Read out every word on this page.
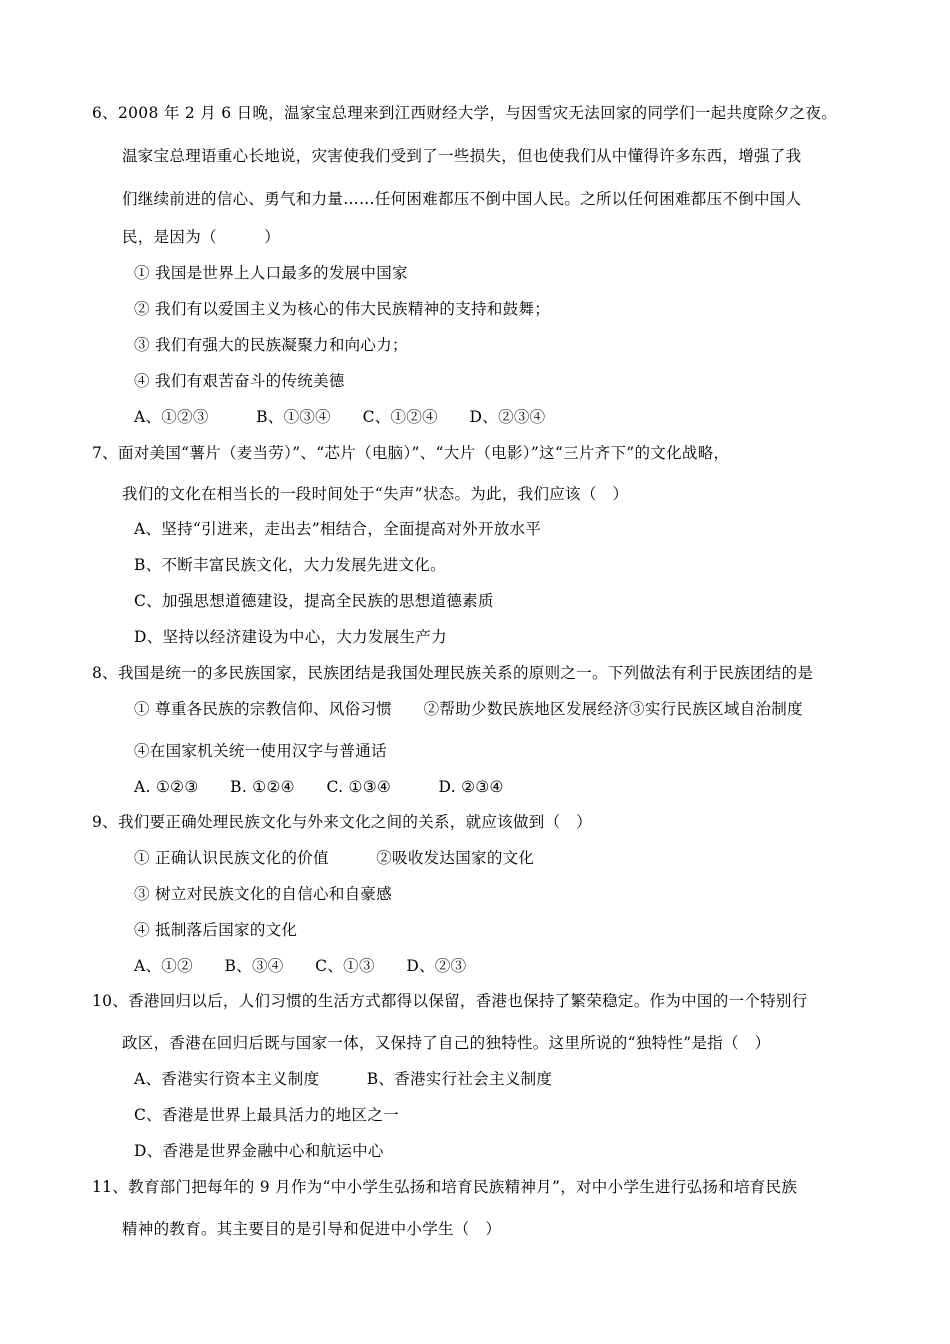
6、2008 年 2 月 6 日晚，温家宝总理来到江西财经大学，与因雪灾无法回家的同学们一起共度除夕之夜。
温家宝总理语重心长地说，灾害使我们受到了一些损失，但也使我们从中懂得许多东西，增强了我
们继续前进的信心、勇气和力量……任何困难都压不倒中国人民。之所以任何困难都压不倒中国人
民，是因为（　　　）
① 我国是世界上人口最多的发展中国家
② 我们有以爱国主义为核心的伟大民族精神的支持和鼓舞；
③ 我们有强大的民族凝聚力和向心力；
④ 我们有艰苦奋斗的传统美德
A、①②③　　　B、①③④　　C、①②④　　D、②③④
7、面对美国“薯片（麦当劳）”、“芯片（电脑）”、“大片（电影）”这“三片齐下”的文化战略，
我们的文化在相当长的一段时间处于“失声”状态。为此，我们应该（　）
A、坚持“引进来，走出去”相结合，全面提高对外开放水平
B、不断丰富民族文化，大力发展先进文化。
C、加强思想道德建设，提高全民族的思想道德素质
D、坚持以经济建设为中心，大力发展生产力
8、我国是统一的多民族国家，民族团结是我国处理民族关系的原则之一。下列做法有利于民族团结的是
① 尊重各民族的宗教信仰、风俗习惯　　②帮助少数民族地区发展经济③实行民族区域自治制度
④在国家机关统一使用汉字与普通话
A. ①②③　　B. ①②④　　C. ①③④　　　D. ②③④
9、我们要正确处理民族文化与外来文化之间的关系，就应该做到（　）
① 正确认识民族文化的价值　　　②吸收发达国家的文化
③ 树立对民族文化的自信心和自豪感
④ 抵制落后国家的文化
A、①②　　B、③④　　C、①③　　D、②③
10、香港回归以后，人们习惯的生活方式都得以保留，香港也保持了繁荣稳定。作为中国的一个特别行
政区，香港在回归后既与国家一体，又保持了自己的独特性。这里所说的“独特性”是指（　）
A、香港实行资本主义制度　　　B、香港实行社会主义制度
C、香港是世界上最具活力的地区之一
D、香港是世界金融中心和航运中心
11、教育部门把每年的 9 月作为“中小学生弘扬和培育民族精神月”，对中小学生进行弘扬和培育民族
精神的教育。其主要目的是引导和促进中小学生（　）
